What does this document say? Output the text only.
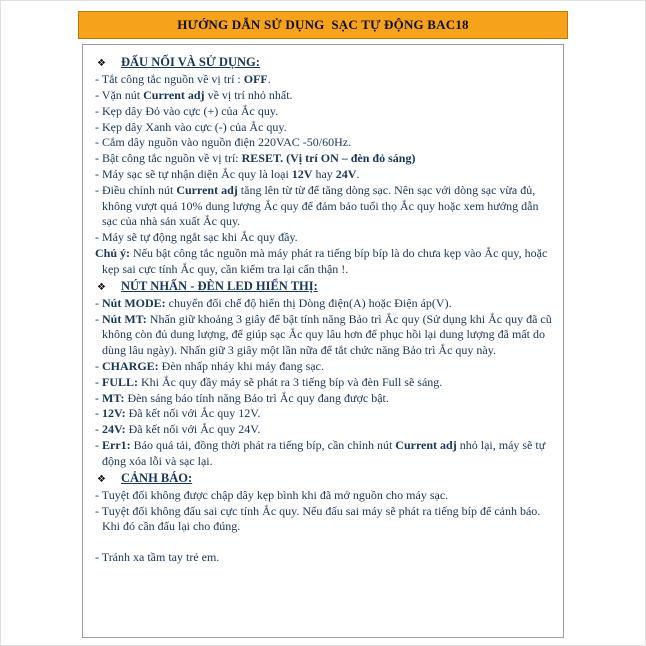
HƯỚNG DẪN SỬ DỤNG  SẠC TỰ ĐỘNG BAC18
❖ ĐẤU NỐI VÀ SỬ DỤNG:
- Tắt công tắc nguồn về vị trí : OFF.
- Vặn nút Current adj về vị trí nhỏ nhất.
- Kẹp dây Đỏ vào cực (+) của Ắc quy.
- Kẹp dây Xanh vào cực (-) của Ắc quy.
- Cắm dây nguồn vào nguồn điện 220VAC -50/60Hz.
- Bật công tắc nguồn về vị trí: RESET. (Vị trí ON – đèn đỏ sáng)
- Máy sạc sẽ tự nhận diện Ắc quy là loại 12V hay 24V.
- Điều chỉnh nút Current adj tăng lên từ từ để tăng dòng sạc. Nên sạc với dòng sạc vừa đủ, không vượt quá 10% dung lượng Ắc quy để đảm bảo tuổi thọ Ắc quy hoặc xem hướng dẫn sạc của nhà sản xuất Ắc quy.
- Máy sẽ tự động ngắt sạc khi Ắc quy đầy.
Chú ý: Nếu bật công tắc nguồn mà máy phát ra tiếng bíp bíp là do chưa kẹp vào Ắc quy, hoặc kẹp sai cực tính Ắc quy, cần kiểm tra lại cẩn thận !.
❖ NÚT NHẤN - ĐÈN LED HIỂN THỊ:
- Nút MODE: chuyển đổi chế độ hiển thị Dòng điện(A) hoặc Điện áp(V).
- Nút MT: Nhấn giữ khoảng 3 giây để bật tính năng Bảo trì Ắc quy (Sử dụng khi Ắc quy đã cũ không còn đủ dung lượng, để giúp sạc Ắc quy lâu hơn để phục hồi lại dung lượng đã mất do dùng lâu ngày). Nhấn giữ 3 giây một lần nữa để tắt chức năng Bảo trì Ắc quy này.
- CHARGE: Đèn nhấp nháy khi máy đang sạc.
- FULL: Khi Ắc quy đầy máy sẽ phát ra 3 tiếng bíp và đèn Full sẽ sáng.
- MT: Đèn sáng báo tính năng Bảo trì Ắc quy đang được bật.
- 12V: Đã kết nối với Ắc quy 12V.
- 24V: Đã kết nối với Ắc quy 24V.
- Err1: Báo quá tải, đồng thời phát ra tiếng bíp, cần chỉnh nút Current adj nhỏ lại, máy sẽ tự động xóa lỗi và sạc lại.
❖ CẢNH BÁO:
- Tuyệt đối không được chập dây kẹp bình khi đã mở nguồn cho máy sạc.
- Tuyệt đối không đấu sai cực tính Ắc quy. Nếu đấu sai máy sẽ phát ra tiếng bíp để cảnh báo. Khi đó cần đấu lại cho đúng.
- Tránh xa tầm tay trẻ em.
